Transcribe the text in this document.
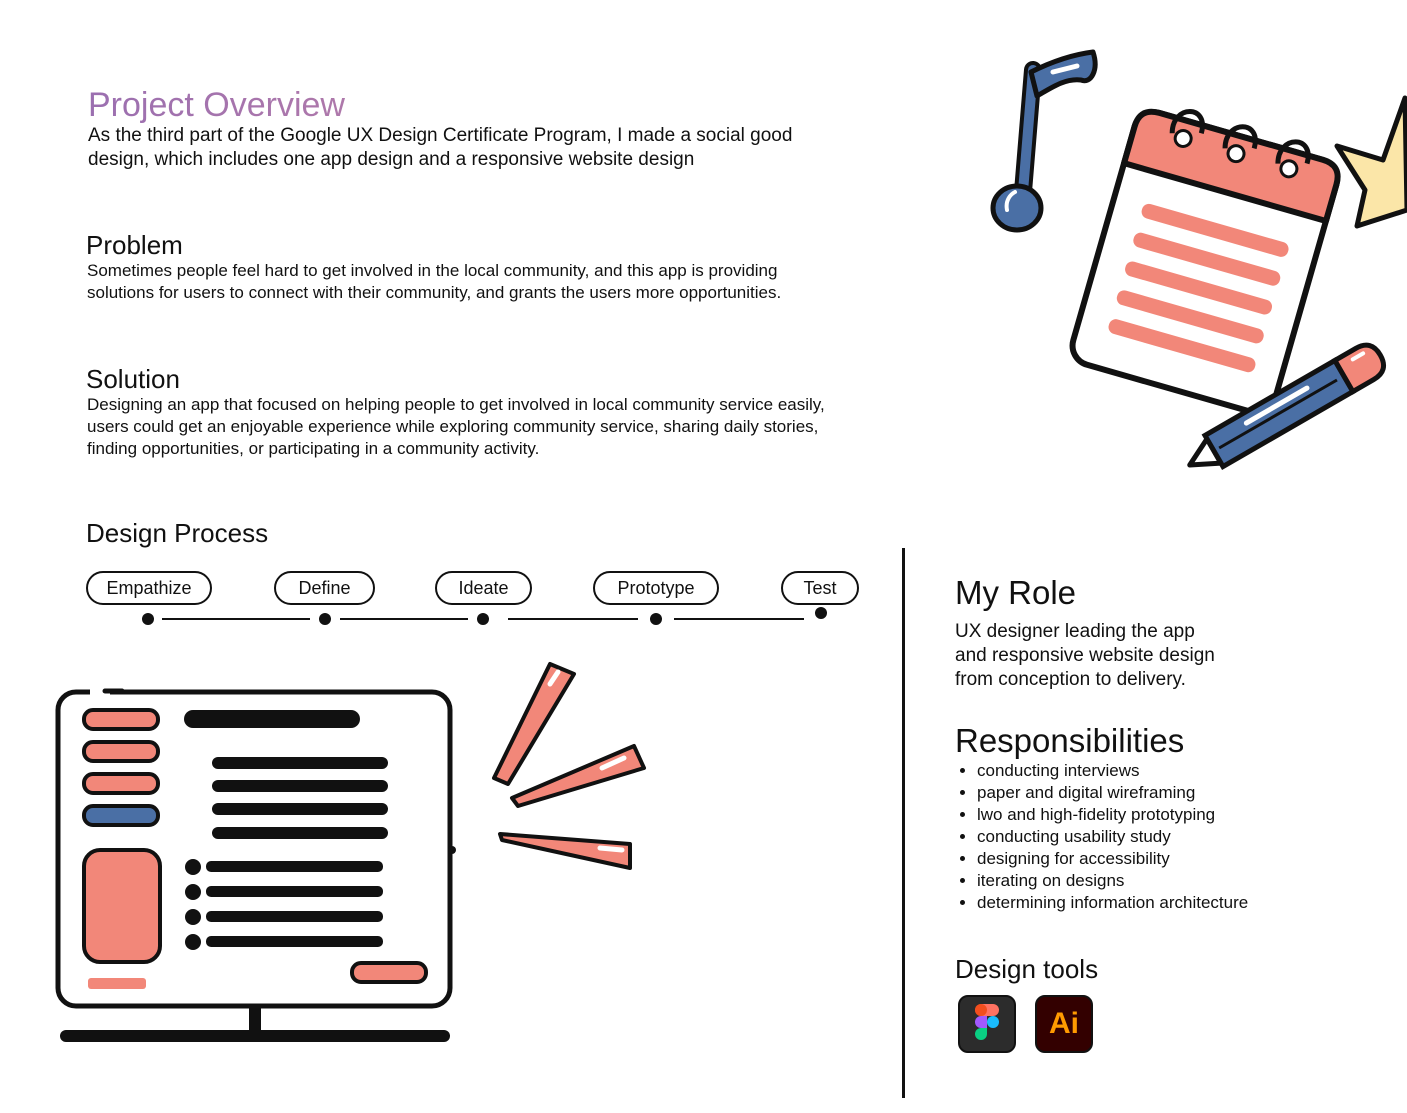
Project Overview

As the third part of the Google UX Design Certificate Program, I made a social good design, which includes one app design and a responsive website design

Problem

Sometimes people feel hard to get involved in the local community, and this app is providing solutions for users to connect with their community, and grants the users more opportunities.

Solution

Designing an app that focused on helping people to get involved in local community service easily, users could get an enjoyable experience while exploring community service, sharing daily stories, finding opportunities, or participating in a community activity.

Design Process
Empathize	Define	Ideate	Prototype	Test	My Role

UX designer leading the app and responsive website design from conception to delivery.

Responsibilities
• conducting interviews
• paper and digital wireframing
• lwo and high-fidelity prototyping
• conducting usability study
• designing for accessibility
• iterating on designs
• determining information architecture
Design tools
Ai
